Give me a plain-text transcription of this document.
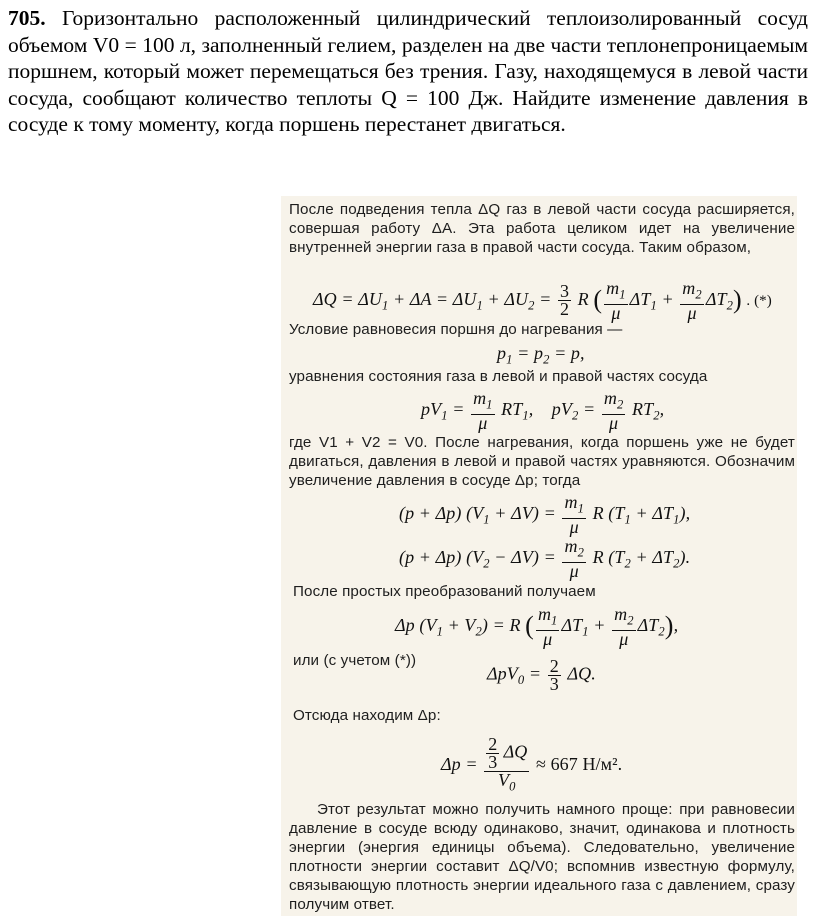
705. Горизонтально расположенный цилиндрический теплоизолированный сосуд объемом V0 = 100 л, заполненный гелием, разделен на две части теплонепроницаемым поршнем, который может перемещаться без трения. Газу, находящемуся в левой части сосуда, сообщают количество теплоты Q = 100 Дж. Найдите изменение давления в сосуде к тому моменту, когда поршень перестанет двигаться.

После подведения тепла ΔQ газ в левой части сосуда расширяется, совершая работу ΔA. Эта работа целиком идет на увеличение внутренней энергии газа в правой части сосуда. Таким образом,

$\Delta Q = \Delta U_1 + \Delta A = \Delta U_1 + \Delta U_2 = \frac{3}{2}$ R ( $\frac{m_1}{\mu} \Delta T_1 + \frac{m_2}{\mu} \Delta T_2$) . (*)

Условие равновесия поршня до нагревания —

$p_1 = p_2 = p$,

уравнения состояния газа в левой и правой частях сосуда

$pV_1 = \frac{m_1}{\mu} RT_1$,    $pV_2 = \frac{m_2}{\mu} RT_2$,

где V1 + V2 = V0. После нагревания, когда поршень уже не будет двигаться, давления в левой и правой частях уравняются. Обозначим увеличение давления в сосуде Δp; тогда

(p + Δp) $(V_1 + \Delta V) = \frac{m_1}{\mu}$ R $(T_1 + \Delta T_1)$,
(p + Δp) $(V_2 - \Delta V) = \frac{m_2}{\mu}$ R $(T_2 + \Delta T_2)$.

После простых преобразований получаем

Δp $(V_1 + V_2) = R$ ( $\frac{m_1}{\mu} \Delta T_1 + \frac{m_2}{\mu} \Delta T_2$),

или (с учетом (*))

$\Delta pV_0 = \frac{2}{3} \Delta Q$.

Отсюда находим Δp:

$\Delta p = \frac{\frac{2}{3} \Delta Q}{V_0} \approx 667$ Н/м².

Этот результат можно получить намного проще: при равновесии давление в сосуде всюду одинаково, значит, одинакова и плотность энергии (энергия единицы объема). Следовательно, увеличение плотности энергии составит ΔQ/V0; вспомнив известную формулу, связывающую плотность энергии идеального газа с давлением, сразу получим ответ.
